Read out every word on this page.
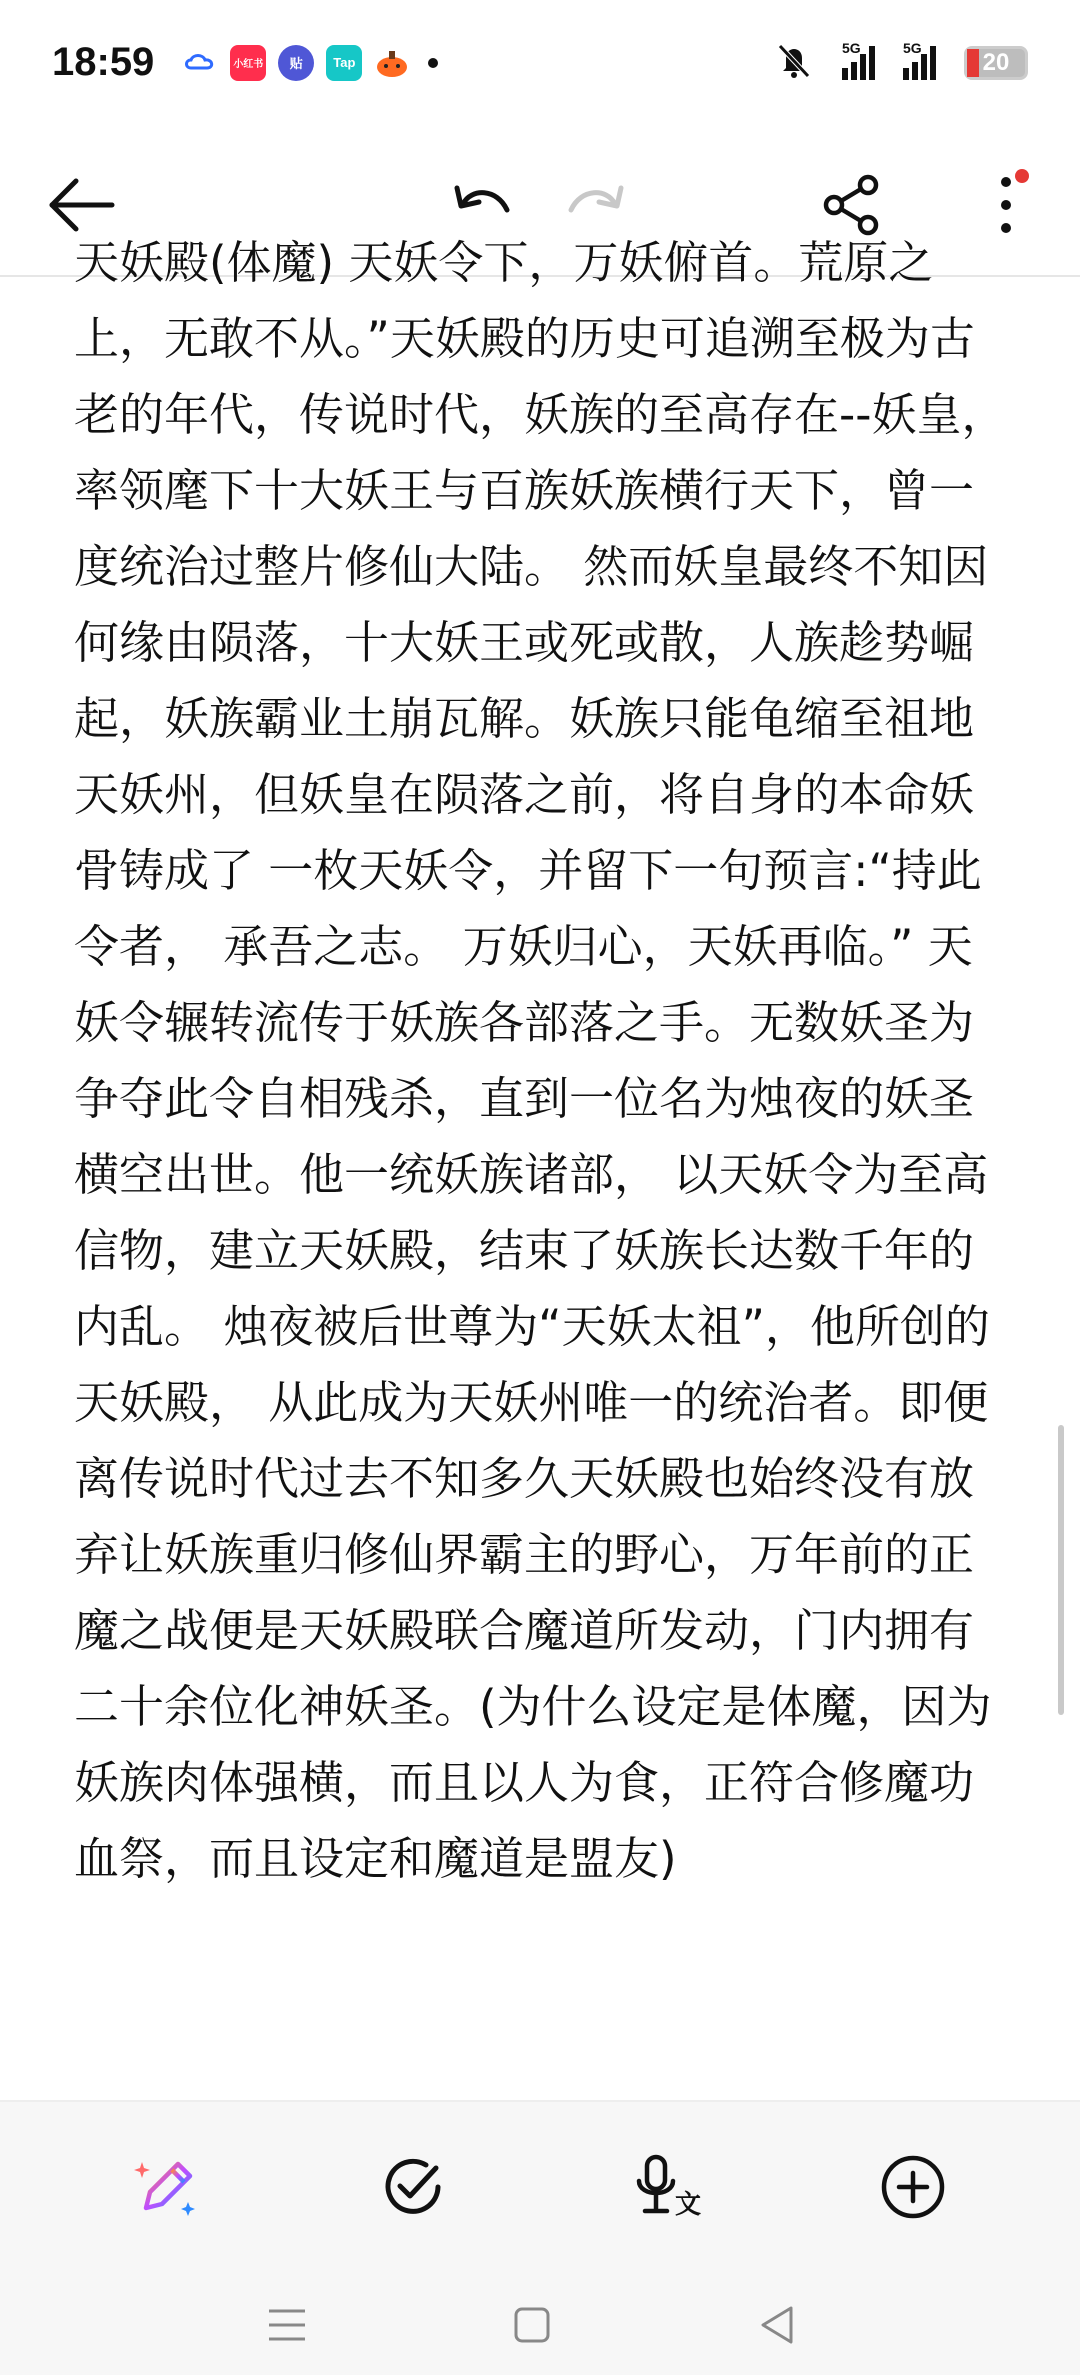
18:59	小红书	贴	Tap
5G	5G
20
天妖殿(体魔) 天妖令下，万妖俯首。荒原之上，无敢不从。”天妖殿的历史可追溯至极为古老的年代，传说时代，妖族的至高存在--妖皇，率领麾下十大妖王与百族妖族横行天下，曾一度统治过整片修仙大陆。 然而妖皇最终不知因何缘由陨落，十大妖王或死或散，人族趁势崛起，妖族霸业土崩瓦解。妖族只能龟缩至祖地天妖州，但妖皇在陨落之前，将自身的本命妖骨铸成了 一枚天妖令，并留下一句预言:“持此令者， 承吾之志。 万妖归心，天妖再临。” 天妖令辗转流传于妖族各部落之手。无数妖圣为争夺此令自相残杀，直到一位名为烛夜的妖圣横空出世。他一统妖族诸部， 以天妖令为至高信物，建立天妖殿，结束了妖族长达数千年的内乱。 烛夜被后世尊为“天妖太祖”，他所创的天妖殿， 从此成为天妖州唯一的统治者。即便离传说时代过去不知多久天妖殿也始终没有放弃让妖族重归修仙界霸主的野心，万年前的正魔之战便是天妖殿联合魔道所发动，门内拥有二十余位化神妖圣。(为什么设定是体魔，因为妖族肉体强横，而且以人为食，正符合修魔功血祭，而且设定和魔道是盟友)
文
